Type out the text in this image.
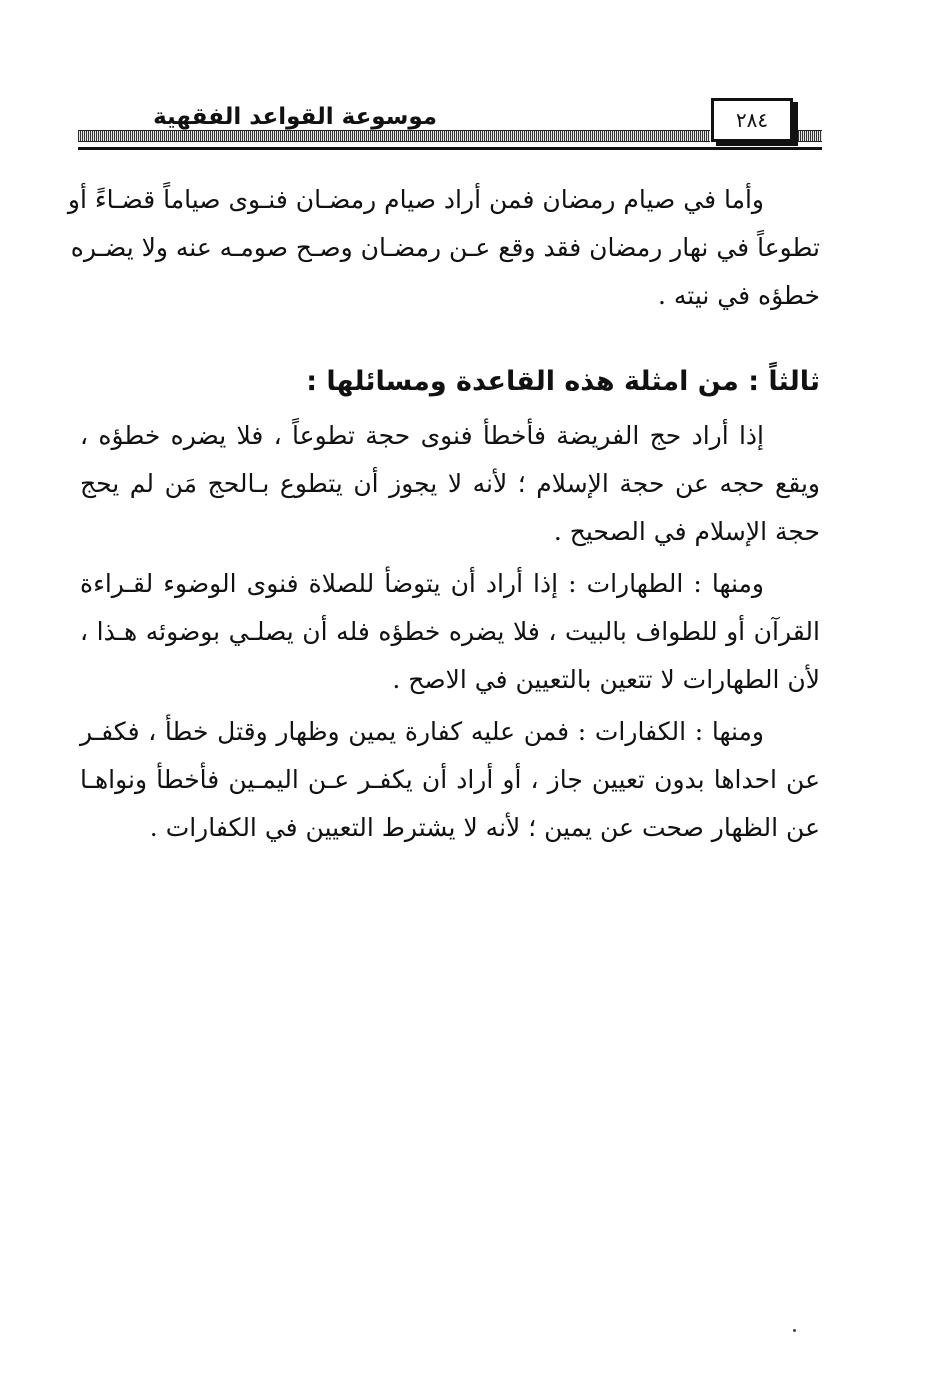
موسوعة القواعد الفقهية	٢٨٤

وأما في صيام رمضان فمن أراد صيام رمضـان فنـوى صياماً قضـاءً أو
تطوعاً في نهار رمضان فقد وقع عـن رمضـان وصـح صومـه عنه ولا يضـره
خطؤه في نيته .

ثالثاً : من امثلة هذه القاعدة ومسائلها :

إذا أراد حج الفريضة فأخطأ فنوى حجة تطوعاً ، فلا يضره خطؤه ،
ويقع حجه عن حجة الإسلام ؛ لأنه لا يجوز أن يتطوع بـالحج مَن لم يحج
حجة الإسلام في الصحيح .

ومنها : الطهارات : إذا أراد أن يتوضأ للصلاة فنوى الوضوء لقـراءة
القرآن أو للطواف بالبيت ، فلا يضره خطؤه فله أن يصلـي بوضوئه هـذا ،
لأن الطهارات لا تتعين بالتعيين في الاصح .

ومنها : الكفارات : فمن عليه كفارة يمين وظهار وقتل خطأ ، فكفـر
عن احداها بدون تعيين جاز ، أو أراد أن يكفـر عـن اليمـين فأخطأ ونواهـا
عن الظهار صحت عن يمين ؛ لأنه لا يشترط التعيين في الكفارات .
